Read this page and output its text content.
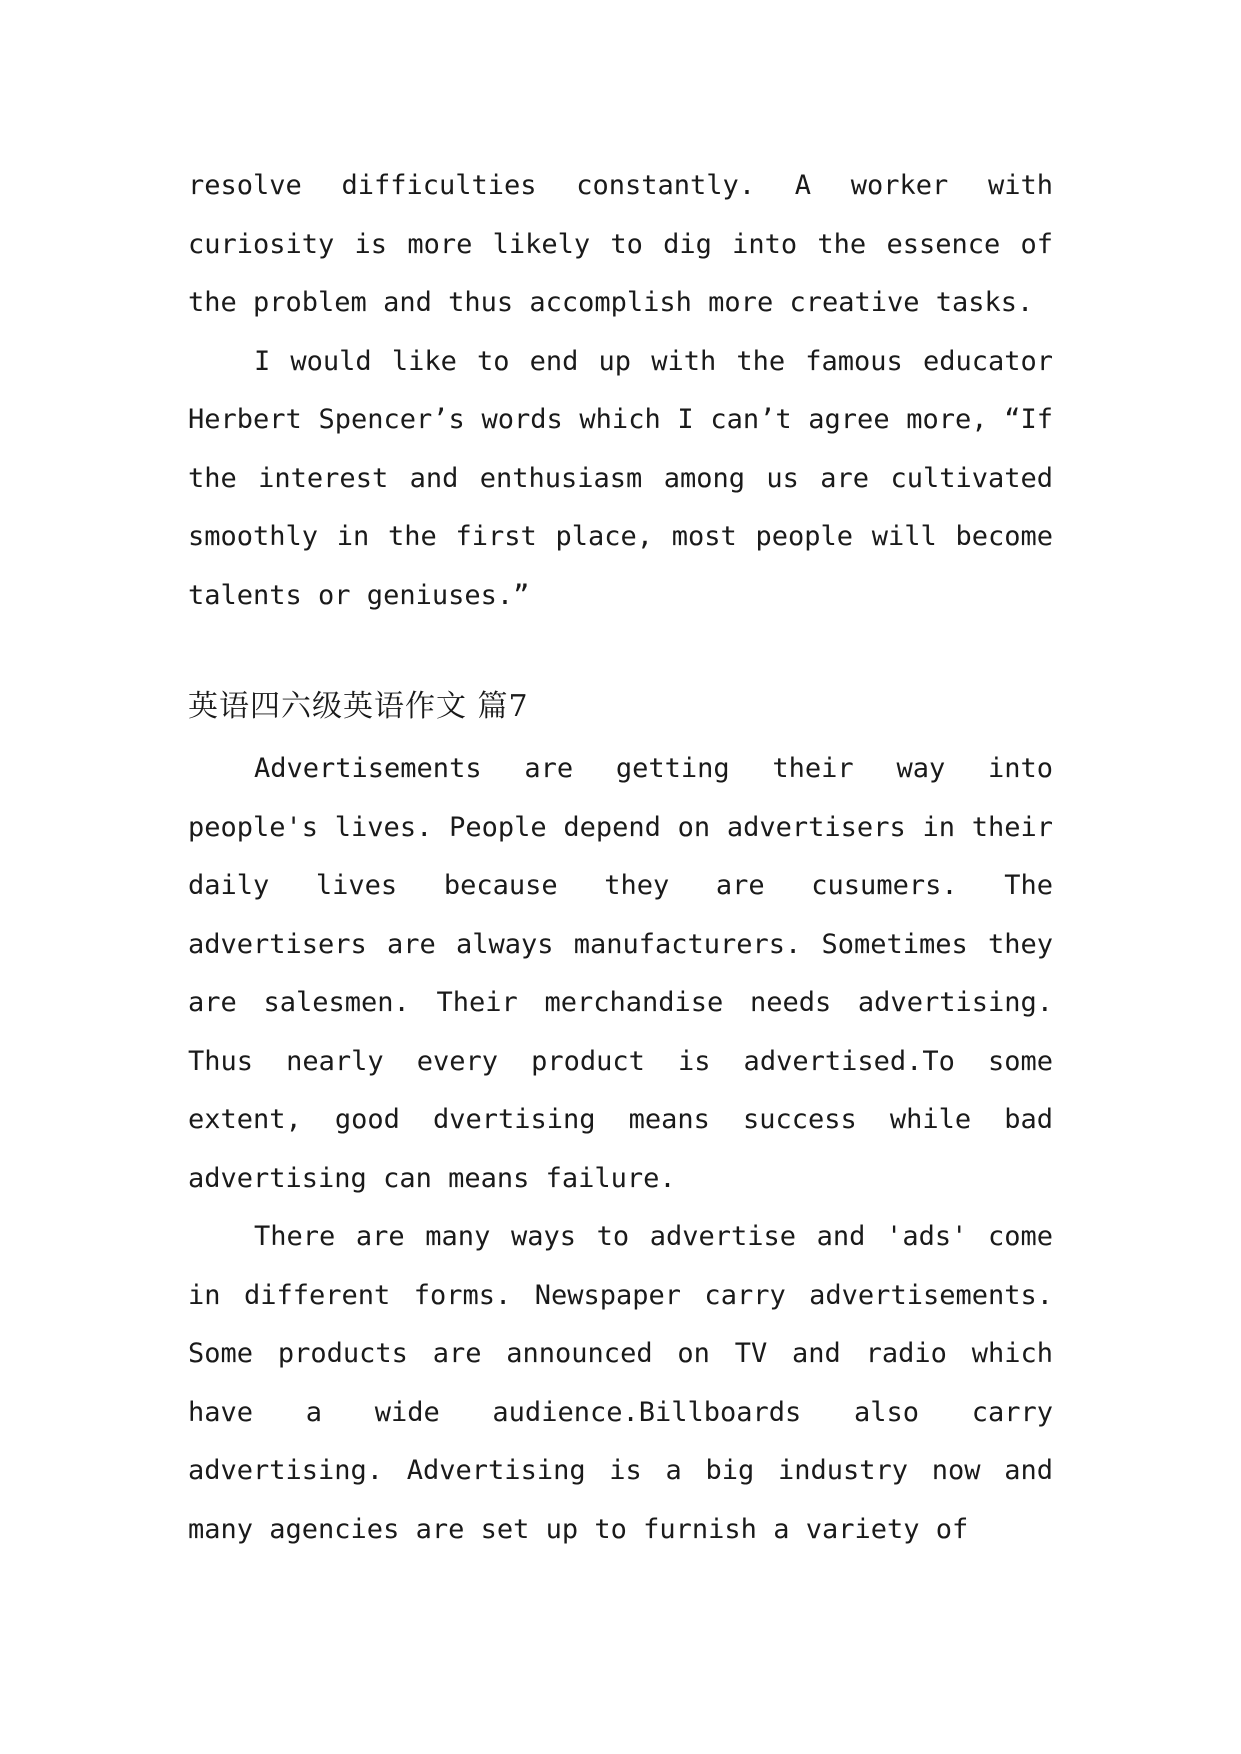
resolve difficulties constantly. A worker with curiosity is more likely to dig into the essence of the problem and thus accomplish more creative tasks.

I would like to end up with the famous educator Herbert Spencer’s words which I can’t agree more, “If the interest and enthusiasm among us are cultivated smoothly in the first place, most people will become talents or geniuses.”

英语四六级英语作文 篇7

Advertisements are getting their way into people's lives. People depend on advertisers in their daily lives because they are cusumers. The advertisers are always manufacturers. Sometimes they are salesmen. Their merchandise needs advertising. Thus nearly every product is advertised.To some extent, good dvertising means success while bad advertising can means failure.

There are many ways to advertise and 'ads' come in different forms. Newspaper carry advertisements. Some products are announced on TV and radio which have a wide audience.Billboards also carry advertising. Advertising is a big industry now and many agencies are set up to furnish a variety of
